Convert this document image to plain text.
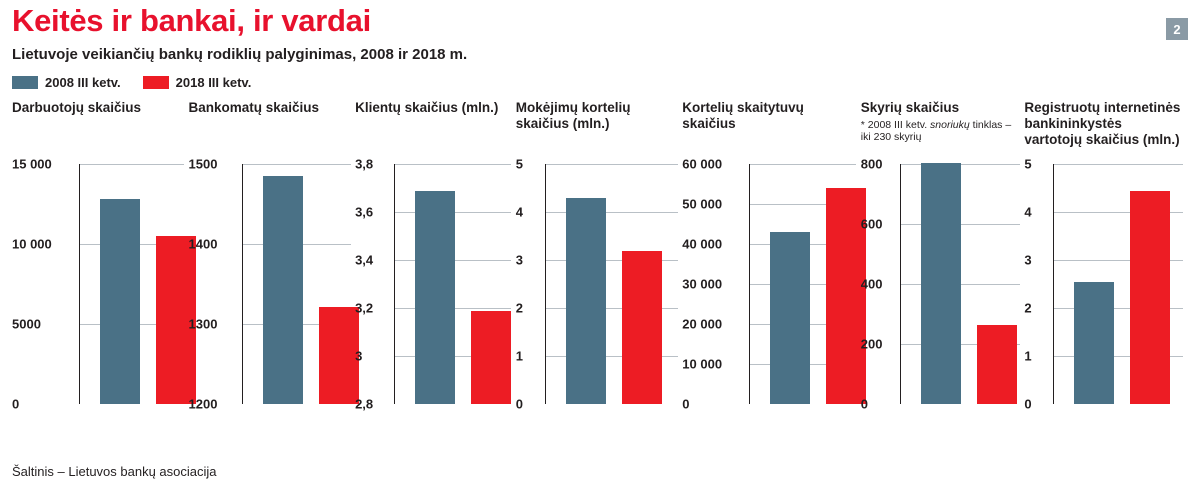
2
Keitės ir bankai, ir vardai
Lietuvoje veikiančių bankų rodiklių palyginimas, 2008 ir 2018 m.
2008 III ketv.	2018 III ketv.
Darbuotojų skaičius
15 000
10 000
5000
0
Bankomatų skaičius
1500
1400
1300
1200
Klientų skaičius (mln.)
3,8
3,6
3,4
3,2
3
2,8
Mokėjimų kortelių skaičius (mln.)
5
4
3
2
1
0
Kortelių skaitytuvų skaičius
60 000
50 000
40 000
30 000
20 000
10 000
0
Skyrių skaičius
* 2008 III ketv. snoriukų tinklas – iki 230 skyrių
800
600
400
200
0
Registruotų internetinės bankininkystės vartotojų skaičius (mln.)
5
4
3
2
1
0
Šaltinis – Lietuvos bankų asociacija
